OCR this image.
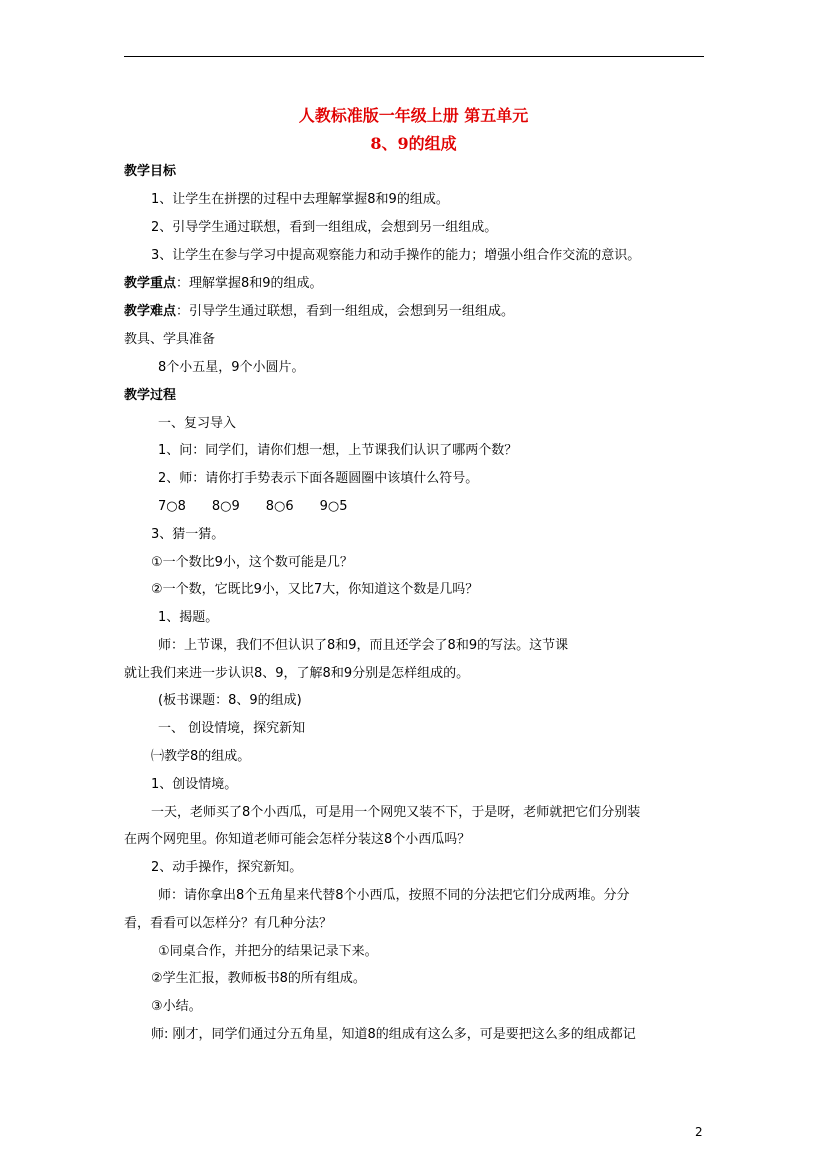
人教标准版一年级上册 第五单元
8、9的组成
教学目标
1、让学生在拼摆的过程中去理解掌握8和9的组成。
2、引导学生通过联想，看到一组组成，会想到另一组组成。
3、让学生在参与学习中提高观察能力和动手操作的能力；增强小组合作交流的意识。
教学重点：理解掌握8和9的组成。
教学难点：引导学生通过联想，看到一组组成，会想到另一组组成。
教具、学具准备
8个小五星，9个小圆片。
教学过程
一、复习导入
1、问：同学们，请你们想一想，上节课我们认识了哪两个数？
2、师：请你打手势表示下面各题圆圈中该填什么符号。
7○8　　8○9　　8○6　　9○5
3、猜一猜。
①一个数比9小，这个数可能是几？
②一个数，它既比9小，又比7大，你知道这个数是几吗？
1、揭题。
师：上节课，我们不但认识了8和9，而且还学会了8和9的写法。这节课
就让我们来进一步认识8、9，了解8和9分别是怎样组成的。
(板书课题：8、9的组成)
一、 创设情境，探究新知
㈠教学8的组成。
1、创设情境。
一天，老师买了8个小西瓜，可是用一个网兜又装不下，于是呀，老师就把它们分别装
在两个网兜里。你知道老师可能会怎样分装这8个小西瓜吗？
2、动手操作，探究新知。
师：请你拿出8个五角星来代替8个小西瓜，按照不同的分法把它们分成两堆。分分
看，看看可以怎样分？有几种分法？
①同桌合作，并把分的结果记录下来。
②学生汇报，教师板书8的所有组成。
③小结。
师: 刚才，同学们通过分五角星，知道8的组成有这么多，可是要把这么多的组成都记
2
